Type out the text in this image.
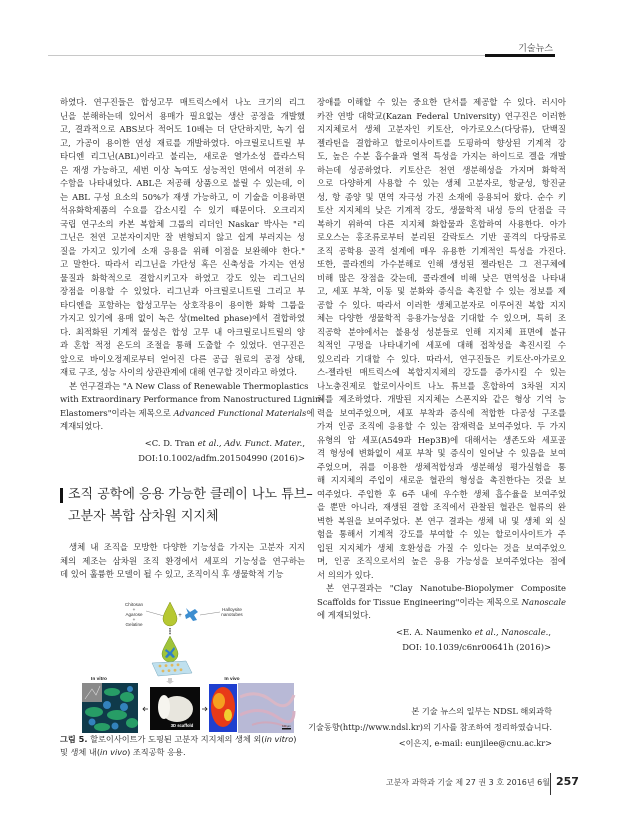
기술뉴스
하였다. 연구진들은 합성고무 매트릭스에서 나노 크기의 리그
닌을 분해하는데 있어서 용매가 필요없는 생산 공정을 개발했
고, 결과적으로 ABS보다 적어도 10배는 더 단단하지만, 녹기 쉽
고, 가공이 용이한 연성 재료를 개발하였다. 아크릴로니트릴 부
타디엔 리그닌(ABL)이라고 불리는, 새로운 열가소성 플라스틱
은 재생 가능하고, 세번 이상 녹여도 성능적인 면에서 여전히 우
수함을 나타내었다. ABL은 저공해 상품으로 불릴 수 있는데, 이
는 ABL 구성 요소의 50%가 재생 가능하고, 이 기술을 이용하면
석유화학제품의 수요를 감소시킬 수 있기 때문이다. 오크리지
국립 연구소의 카본 복합체 그룹의 리더인 Naskar 박사는 "리
그닌은 천연 고분자이지만 잘 변형되지 않고 쉽게 부러지는 성
질을 가지고 있기에 소재 응용을 위해 이점을 보완해야 한다."
고 말한다. 따라서 리그닌을 가단성 혹은 신축성을 가지는 연성
물질과 화학적으로 결합시키고자 하였고 강도 있는 리그닌의
장점을 이용할 수 있었다. 리그닌과 아크릴로니트릴 그리고 부
타디엔을 포함하는 합성고무는 상호작용이 용이한 화학 그룹을
가지고 있기에 용매 없이 녹은 상(melted phase)에서 결합하였
다. 최적화된 기계적 물성은 합성 고무 내 아크릴로니트릴의 양
과 혼합 적정 온도의 조절을 통해 도출할 수 있었다. 연구진은
앞으로 바이오정제로부터 얻어진 다른 공급 원료의 공정 상태,
재료 구조, 성능 사이의 상관관계에 대해 연구할 것이라고 하였다.
본 연구결과는 "A New Class of Renewable Thermoplastics
with Extraordinary Performance from Nanostructured Lignin-
Elastomers"이라는 제목으로 Advanced Functional Materials에
계재되었다.
<C. D. Tran et al., Adv. Funct. Mater.,
DOI:10.1002/adfm.201504990 (2016)>
조직 공학에 응용 가능한 클레이 나노 튜브–
고분자 복합 삼차원 지지체
생체 내 조직을 모방한 다양한 기능성을 가지는 고분자 지지
체의 제조는 삼차원 조직 환경에서 세포의 기능성을 연구하는
데 있어 훌륭한 모델이 될 수 있고, 조직이식 후 생물학적 기능
Chitosan
+
Agarose
+
Gelatine
Halloysite
nanotubes
+
In vitro	In vivo
3D scaffold	100 μm
그림 5. 할로이사이트가 도핑된 고분자 지지체의 생체 외(in vitro) 및 생체 내(in vivo) 조직공학 응용.
장애를 이해할 수 있는 중요한 단서를 제공할 수 있다. 러시아
카잔 연방 대학교(Kazan Federal University) 연구진은 이러한
지지체로서 생체 고분자인 키토산, 아가로오스(다당류), 단백질
젤라틴을 결합하고 할로이사이트를 도핑하여 향상된 기계적 강
도, 높은 수분 흡수율과 열적 특성을 가지는 하이드로 겔을 개발
하는데 성공하였다. 키토산은 천연 생분해성을 가지며 화학적
으로 다양하게 사용할 수 있는 생체 고분자로, 항균성, 항진균
성, 항 종양 및 면역 자극성 가진 소재에 응용되어 왔다. 순수 키
토산 지지체의 낮은 기계적 강도, 생물학적 내성 등의 단점을 극
복하기 위하여 다른 지지체 화합물과 혼합하여 사용한다. 아가
로오스는 홍조류로부터 분리된 갈락토스 기반 골격의 다당류로
조직 공학용 골격 설계에 매우 유용한 기계적인 특성을 가진다.
또한, 콜라겐의 가수분해로 인해 생성된 젤라틴은 그 전구체에
비해 많은 장점을 갖는데, 콜라겐에 비해 낮은 면역성을 나타내
고, 세포 부착, 이동 및 분화와 증식을 촉진할 수 있는 정보를 제
공할 수 있다. 따라서 이러한 생체고분자로 이루어진 복합 지지
체는 다양한 생물학적 응용가능성을 기대할 수 있으며, 특히 조
직공학 분야에서는 불용성 성분들로 인해 지지체 표면에 불규
칙적인 구멍을 나타내기에 세포에 대해 접착성을 촉진시킬 수
있으리라 기대할 수 있다. 따라서, 연구진들은 키토산-아가로오
스-젤라틴 매트릭스에 복합지지체의 강도를 증가시킬 수 있는
나노충진제로 할로이사이트 나노 튜브를 혼합하여 3차원 지지
체를 제조하였다. 개발된 지지체는 스폰지와 같은 형상 기억 능
력을 보여주었으며, 세포 부착과 증식에 적합한 다공성 구조를
가져 인공 조직에 응용할 수 있는 잠재력을 보여주었다. 두 가지
유형의 암 세포(A549과 Hep3B)에 대해서는 생존도와 세포골
격 형성에 변화없이 세포 부착 및 증식이 일어날 수 있음을 보여
주었으며, 쥐를 이용한 생체적합성과 생분해성 평가실험을 통
해 지지체의 주입이 새로운 혈관의 형성을 촉진한다는 것을 보
여주었다. 주입한 후 6주 내에 우수한 생체 흡수율을 보여주었
을 뿐만 아니라, 재생된 결합 조직에서 관찰된 혈관은 혈류의 완
벽한 복원을 보여주었다. 본 연구 결과는 생체 내 및 생체 외 실
험을 통해서 기계적 강도를 부여할 수 있는 할로이사이트가 주
입된 지지체가 생체 호환성을 가질 수 있다는 것을 보여주었으
며, 인공 조직으로서의 높은 응용 가능성을 보여주었다는 점에
서 의의가 있다.
본 연구결과는 "Clay Nanotube-Biopolymer Composite
Scaffolds for Tissue Engineering"이라는 제목으로 Nanoscale
에 게재되었다.
<E. A. Naumenko et al., Nanoscale.,
DOI: 10.1039/c6nr00641h (2016)>
본 기술 뉴스의 일부는 NDSL 해외과학
기술동향(http://www.ndsl.kr)의 기사를 참조하여 정리하였습니다.
<이은지, e-mail: eunjilee@cnu.ac.kr>
고분자 과학과 기술 제 27 권 3 호 2016년 6월 257
